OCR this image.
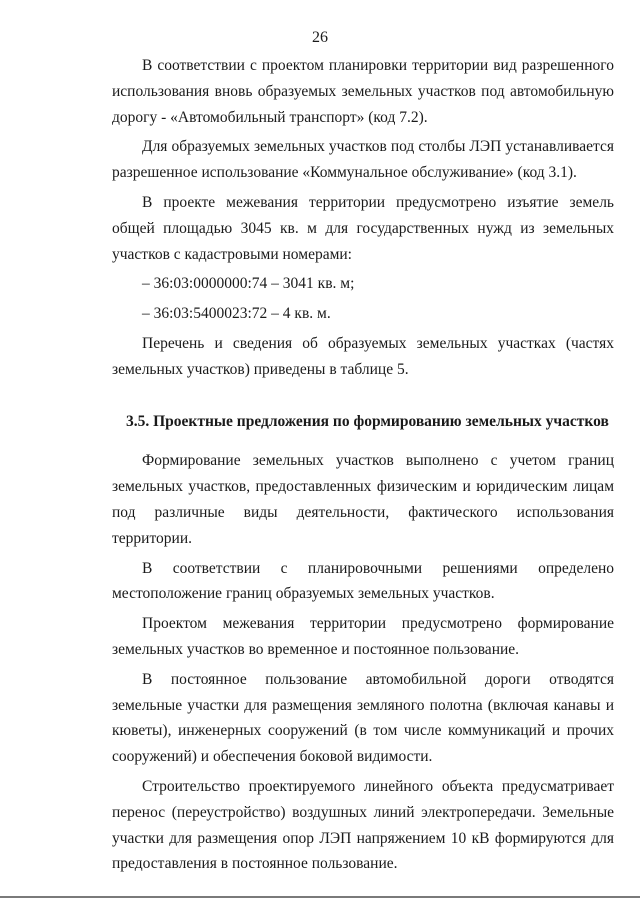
26

В соответствии с проектом планировки территории вид разрешенного использования вновь образуемых земельных участков под автомобильную дорогу - «Автомобильный транспорт» (код 7.2).

Для образуемых земельных участков под столбы ЛЭП устанавливается разрешенное использование «Коммунальное обслуживание» (код 3.1).

В проекте межевания территории предусмотрено изъятие земель общей площадью 3045 кв. м для государственных нужд из земельных участков с кадастровыми номерами:

– 36:03:0000000:74 – 3041 кв. м;
– 36:03:5400023:72 – 4 кв. м.

Перечень и сведения об образуемых земельных участках (частях земельных участков) приведены в таблице 5.

3.5. Проектные предложения по формированию земельных участков

Формирование земельных участков выполнено с учетом границ земельных участков, предоставленных физическим и юридическим лицам под различные виды деятельности, фактического использования территории.

В соответствии с планировочными решениями определено местоположение границ образуемых земельных участков.

Проектом межевания территории предусмотрено формирование земельных участков во временное и постоянное пользование.

В постоянное пользование автомобильной дороги отводятся земельные участки для размещения земляного полотна (включая канавы и кюветы), инженерных сооружений (в том числе коммуникаций и прочих сооружений) и обеспечения боковой видимости.

Строительство проектируемого линейного объекта предусматривает перенос (переустройство) воздушных линий электропередачи. Земельные участки для размещения опор ЛЭП напряжением 10 кВ формируются для предоставления в постоянное пользование.
